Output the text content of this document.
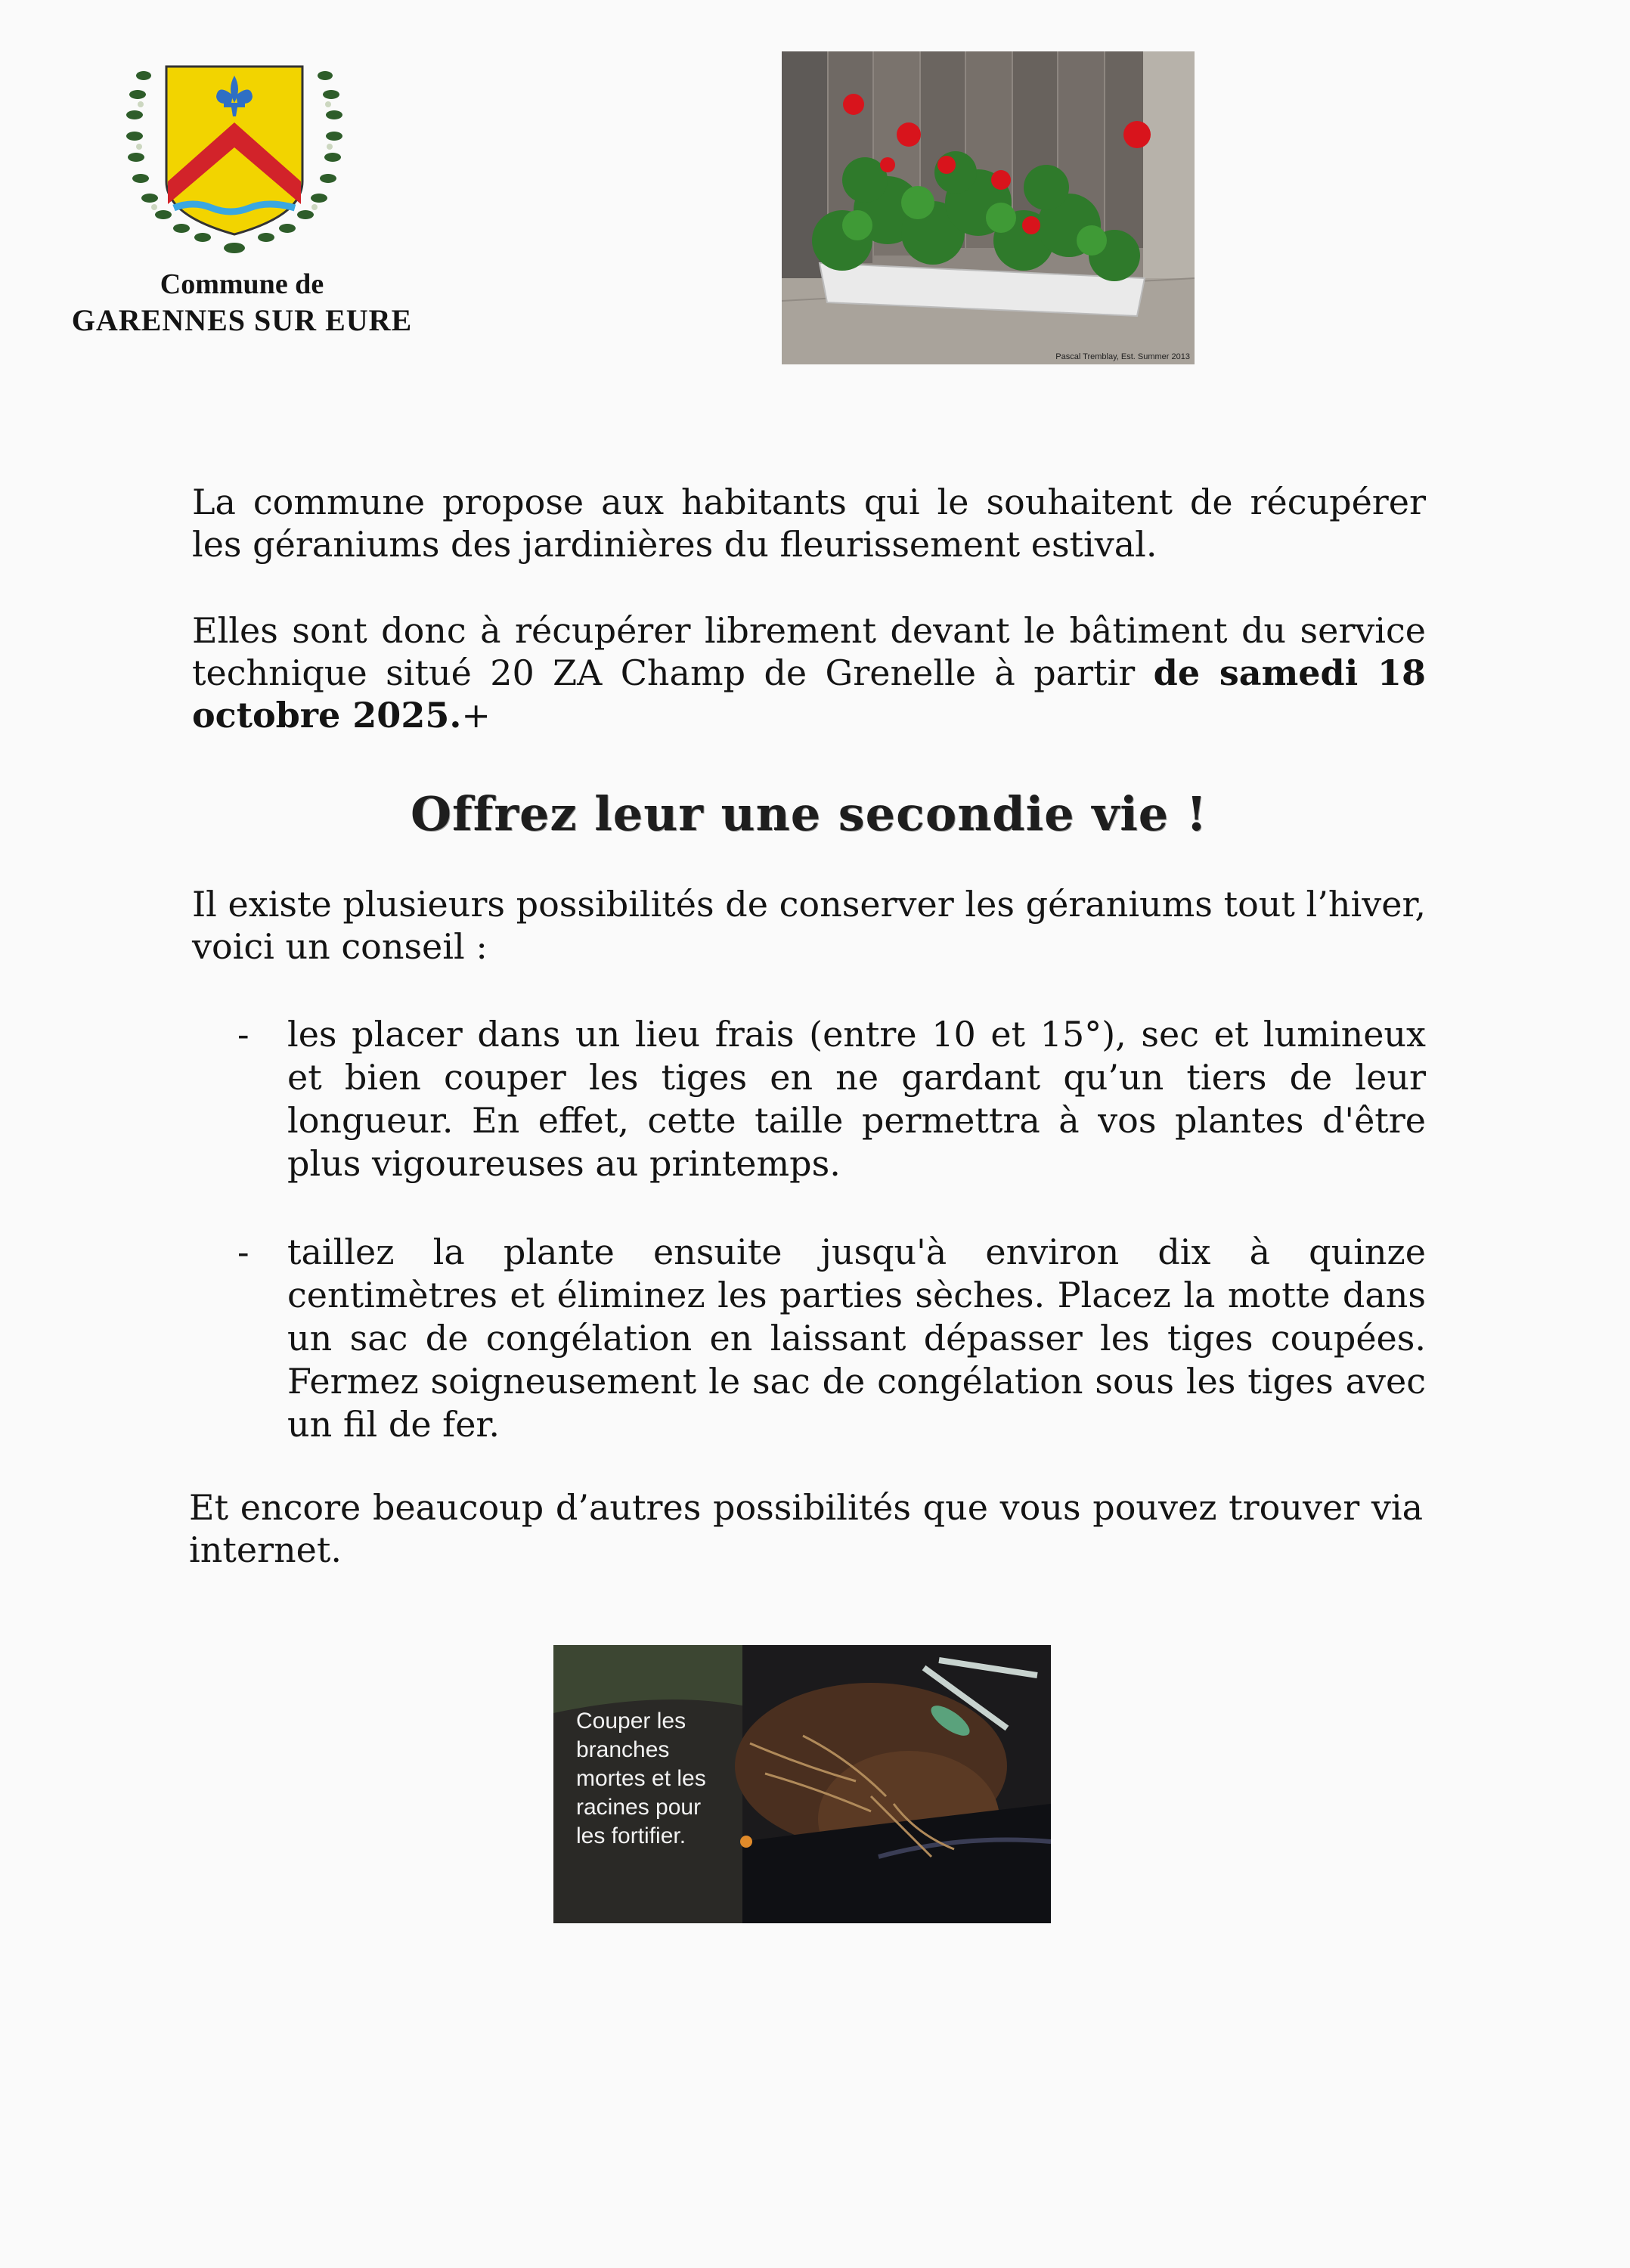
Commune de
GARENNES SUR EURE
Pascal Tremblay, Est. Summer 2013

La commune propose aux habitants qui le souhaitent de récupérer les géraniums des jardinières du fleurissement estival.

Elles sont donc à récupérer librement devant le bâtiment du service technique situé 20 ZA Champ de Grenelle à partir de samedi 18 octobre 2025.+

Offrez leur une secondie vie !

Il existe plusieurs possibilités de conserver les géraniums tout l’hiver, voici un conseil :

- les placer dans un lieu frais (entre 10 et 15°), sec et lumineux et bien couper les tiges en ne gardant qu’un tiers de leur longueur. En effet, cette taille permettra à vos plantes d'être plus vigoureuses au printemps.
- taillez la plante ensuite jusqu'à environ dix à quinze centimètres et éliminez les parties sèches. Placez la motte dans un sac de congélation en laissant dépasser les tiges coupées. Fermez soigneusement le sac de congélation sous les tiges avec un fil de fer.

Et encore beaucoup d’autres possibilités que vous pouvez trouver via internet.

Couper les branches mortes et les racines pour les fortifier.
